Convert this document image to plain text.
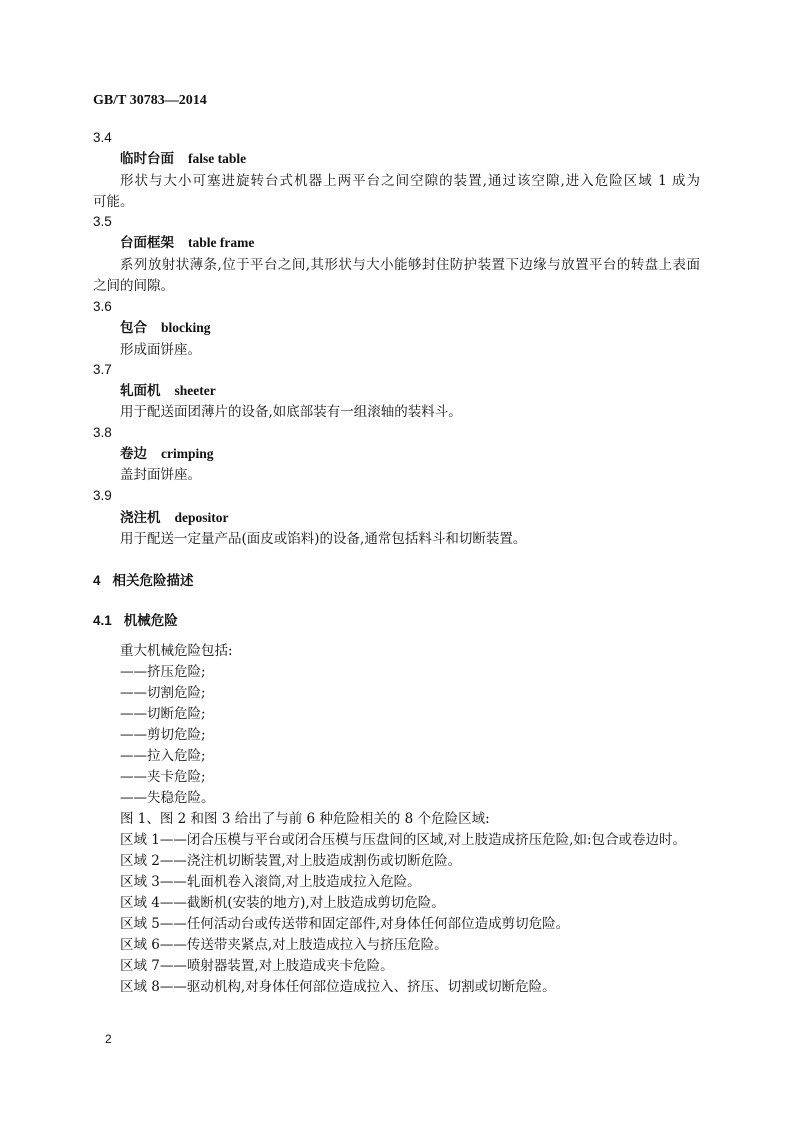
GB/T 30783—2014
3.4
临时台面 false table
形状与大小可塞进旋转台式机器上两平台之间空隙的装置,通过该空隙,进入危险区域 1 成为
可能。
3.5
台面框架 table frame
系列放射状薄条,位于平台之间,其形状与大小能够封住防护装置下边缘与放置平台的转盘上表面
之间的间隙。
3.6
包合 blocking
形成面饼座。
3.7
轧面机 sheeter
用于配送面团薄片的设备,如底部装有一组滚轴的装料斗。
3.8
卷边 crimping
盖封面饼座。
3.9
浇注机 depositor
用于配送一定量产品(面皮或馅料)的设备,通常包括料斗和切断装置。
4 相关危险描述
4.1 机械危险
重大机械危险包括:
——挤压危险;
——切割危险;
——切断危险;
——剪切危险;
——拉入危险;
——夹卡危险;
——失稳危险。
图 1、图 2 和图 3 给出了与前 6 种危险相关的 8 个危险区域:
区域 1——闭合压模与平台或闭合压模与压盘间的区域,对上肢造成挤压危险,如:包合或卷边时。
区域 2——浇注机切断装置,对上肢造成割伤或切断危险。
区域 3——轧面机卷入滚筒,对上肢造成拉入危险。
区域 4——截断机(安装的地方),对上肢造成剪切危险。
区域 5——任何活动台或传送带和固定部件,对身体任何部位造成剪切危险。
区域 6——传送带夹紧点,对上肢造成拉入与挤压危险。
区域 7——喷射器装置,对上肢造成夹卡危险。
区域 8——驱动机构,对身体任何部位造成拉入、挤压、切割或切断危险。
2
